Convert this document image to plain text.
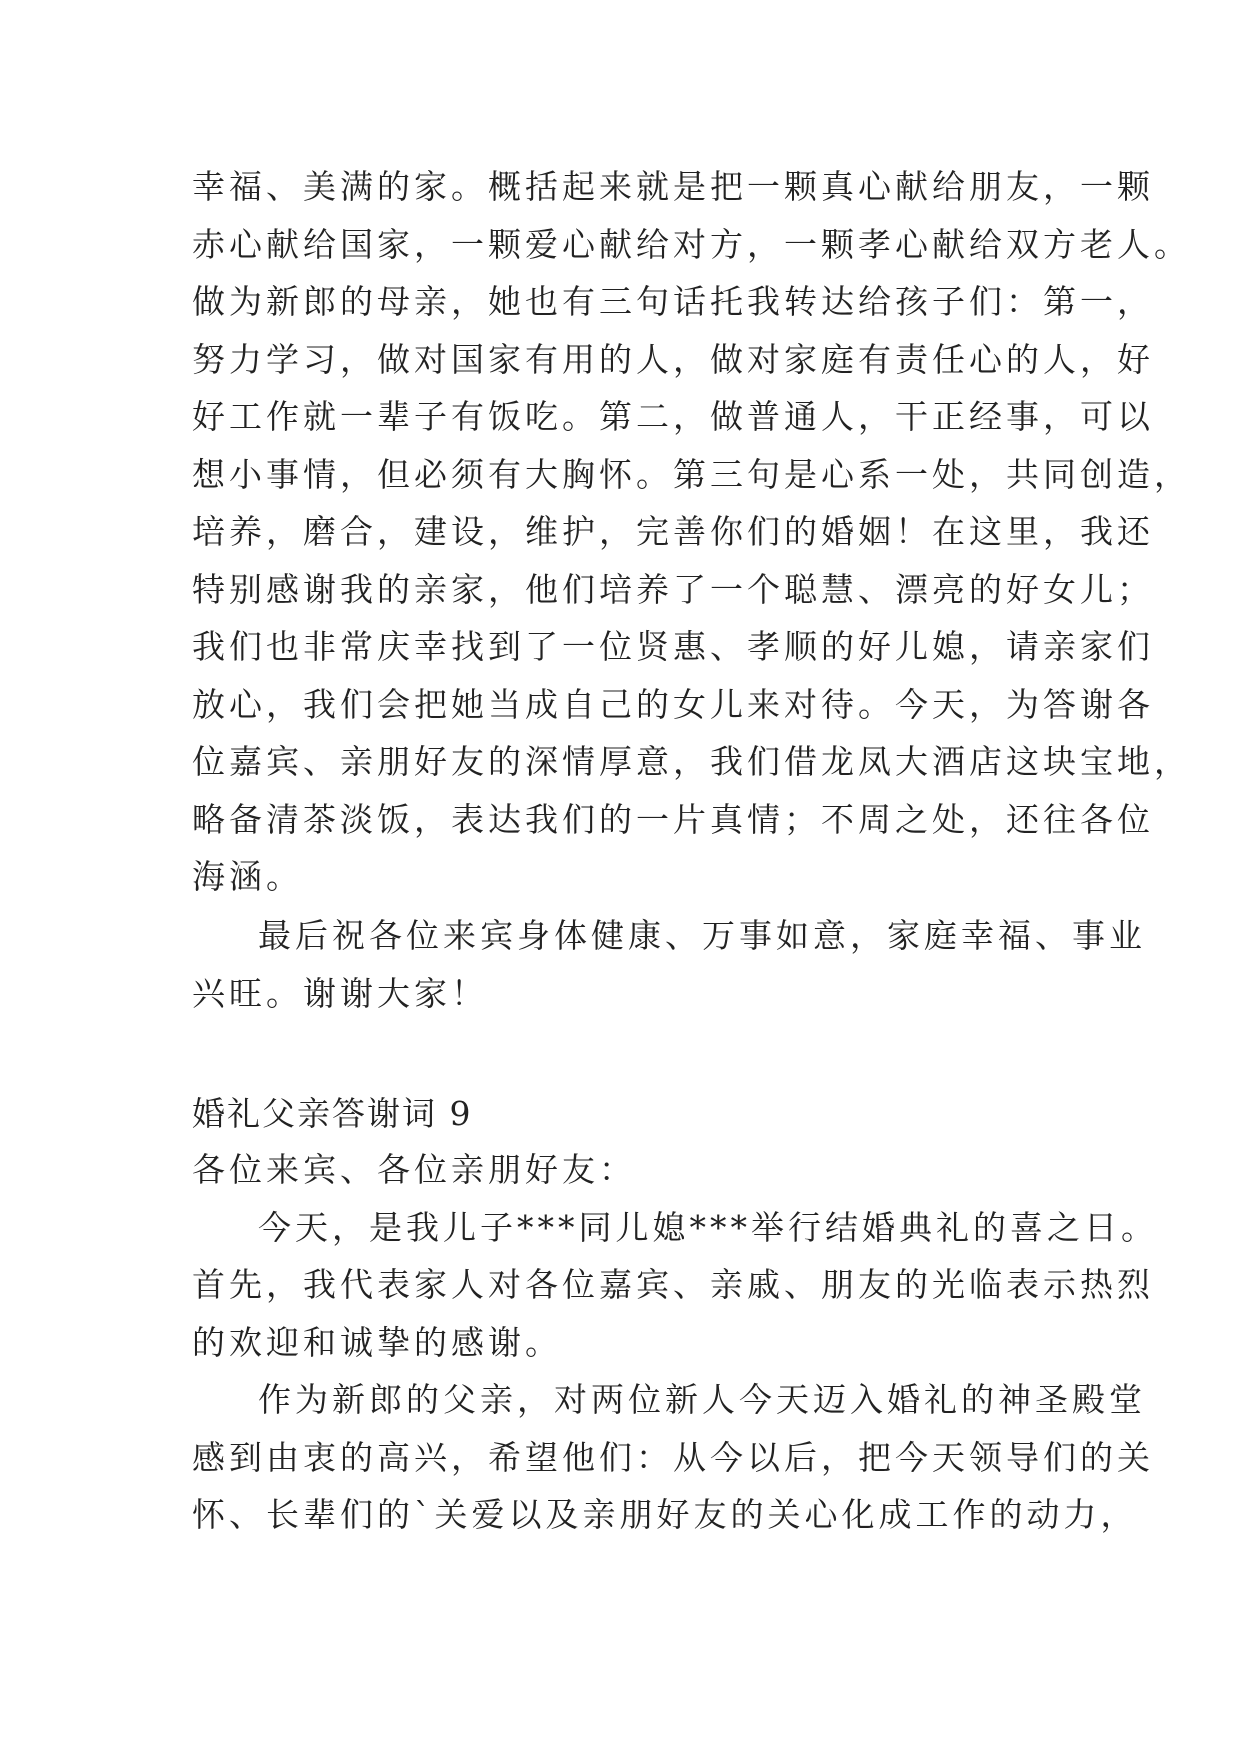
幸福、美满的家。概括起来就是把一颗真心献给朋友，一颗
赤心献给国家，一颗爱心献给对方，一颗孝心献给双方老人。
做为新郎的母亲，她也有三句话托我转达给孩子们：第一，
努力学习，做对国家有用的人，做对家庭有责任心的人，好
好工作就一辈子有饭吃。第二，做普通人，干正经事，可以
想小事情，但必须有大胸怀。第三句是心系一处，共同创造，
培养，磨合，建设，维护，完善你们的婚姻！在这里，我还
特别感谢我的亲家，他们培养了一个聪慧、漂亮的好女儿；
我们也非常庆幸找到了一位贤惠、孝顺的好儿媳，请亲家们
放心，我们会把她当成自己的女儿来对待。今天，为答谢各
位嘉宾、亲朋好友的深情厚意，我们借龙凤大酒店这块宝地，
略备清茶淡饭，表达我们的一片真情；不周之处，还往各位
海涵。
最后祝各位来宾身体健康、万事如意，家庭幸福、事业
兴旺。谢谢大家！
婚礼父亲答谢词 9
各位来宾、各位亲朋好友：
今天，是我儿子***同儿媳***举行结婚典礼的喜之日。
首先，我代表家人对各位嘉宾、亲戚、朋友的光临表示热烈
的欢迎和诚挚的感谢。
作为新郎的父亲，对两位新人今天迈入婚礼的神圣殿堂
感到由衷的高兴，希望他们：从今以后，把今天领导们的关
怀、长辈们的`关爱以及亲朋好友的关心化成工作的动力，
